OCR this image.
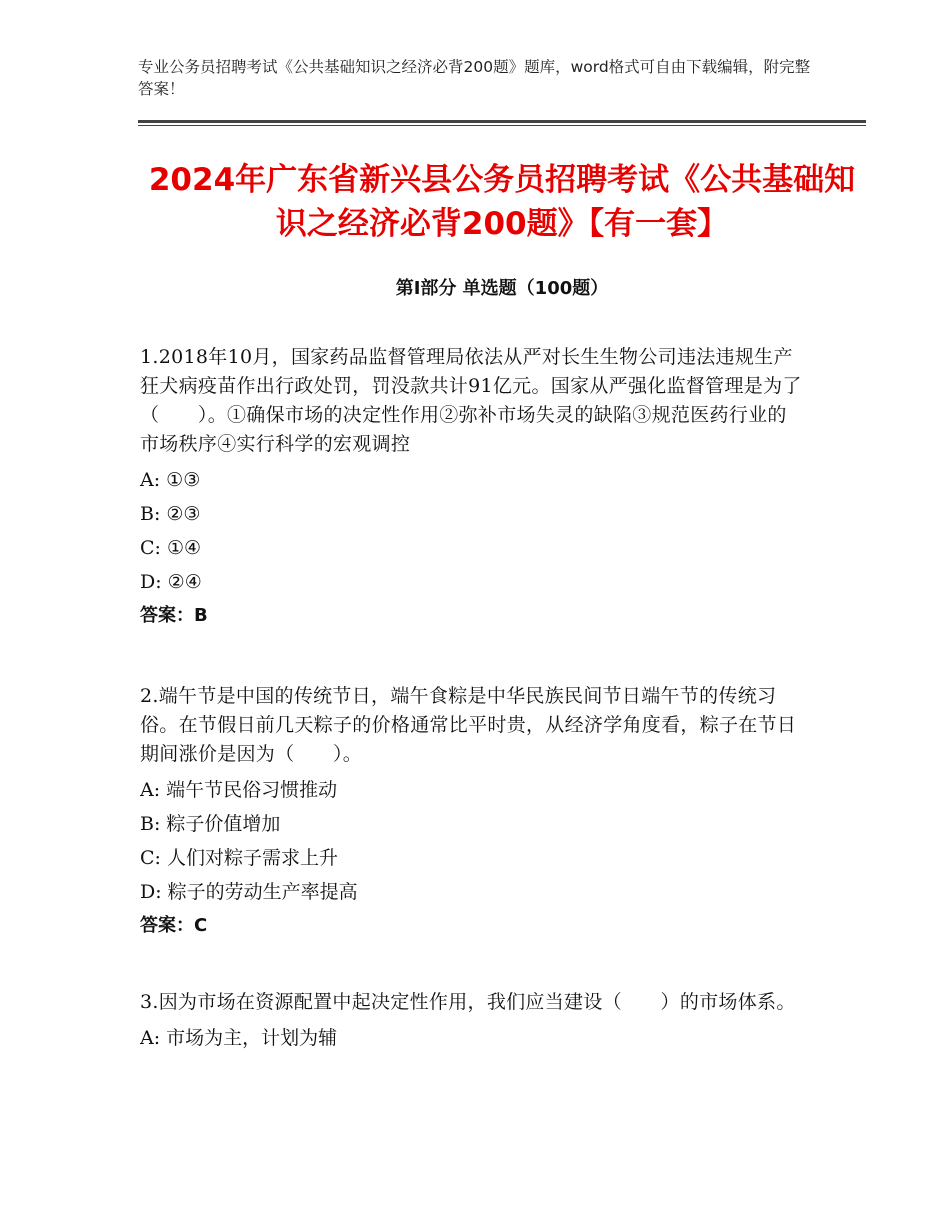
专业公务员招聘考试《公共基础知识之经济必背200题》题库，word格式可自由下载编辑，附完整答案！
2024年广东省新兴县公务员招聘考试《公共基础知识之经济必背200题》【有一套】
第Ⅰ部分 单选题（100题）
1.2018年10月，国家药品监督管理局依法从严对长生生物公司违法违规生产狂犬病疫苗作出行政处罚，罚没款共计91亿元。国家从严强化监督管理是为了（　　）。①确保市场的决定性作用②弥补市场失灵的缺陷③规范医药行业的市场秩序④实行科学的宏观调控
A: ①③
B: ②③
C: ①④
D: ②④
答案：B
2.端午节是中国的传统节日，端午食粽是中华民族民间节日端午节的传统习俗。在节假日前几天粽子的价格通常比平时贵，从经济学角度看，粽子在节日期间涨价是因为（　　）。
A: 端午节民俗习惯推动
B: 粽子价值增加
C: 人们对粽子需求上升
D: 粽子的劳动生产率提高
答案：C
3.因为市场在资源配置中起决定性作用，我们应当建设（　　）的市场体系。
A: 市场为主，计划为辅
